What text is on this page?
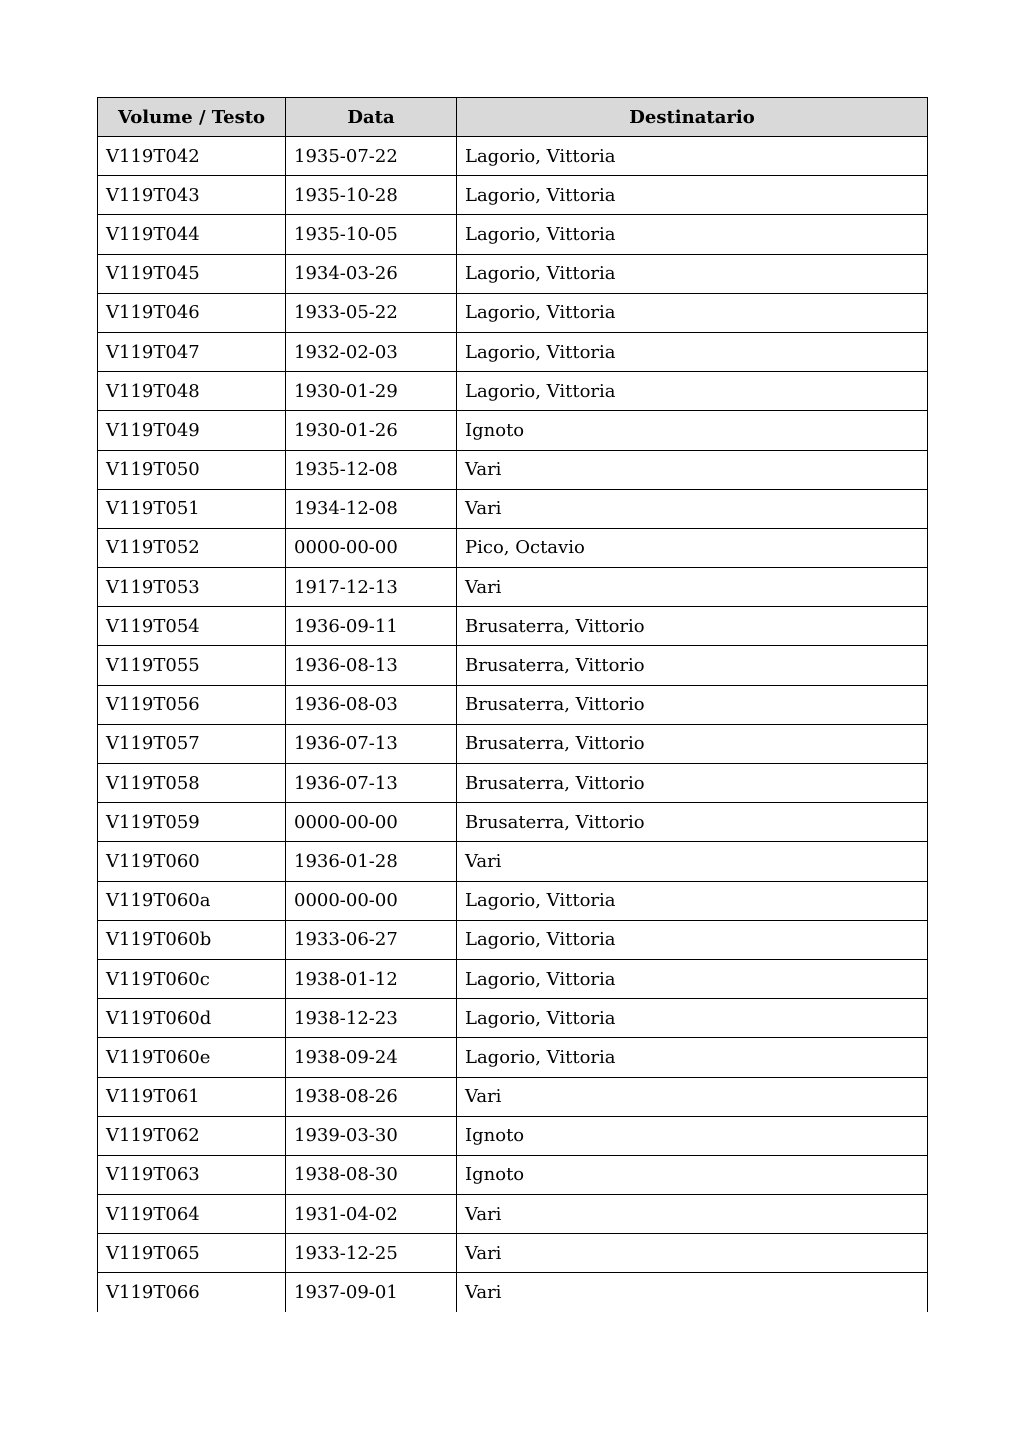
Volume / Testo	Data	Destinatario
V119T042	1935-07-22	Lagorio, Vittoria
V119T043	1935-10-28	Lagorio, Vittoria
V119T044	1935-10-05	Lagorio, Vittoria
V119T045	1934-03-26	Lagorio, Vittoria
V119T046	1933-05-22	Lagorio, Vittoria
V119T047	1932-02-03	Lagorio, Vittoria
V119T048	1930-01-29	Lagorio, Vittoria
V119T049	1930-01-26	Ignoto
V119T050	1935-12-08	Vari
V119T051	1934-12-08	Vari
V119T052	0000-00-00	Pico, Octavio
V119T053	1917-12-13	Vari
V119T054	1936-09-11	Brusaterra, Vittorio
V119T055	1936-08-13	Brusaterra, Vittorio
V119T056	1936-08-03	Brusaterra, Vittorio
V119T057	1936-07-13	Brusaterra, Vittorio
V119T058	1936-07-13	Brusaterra, Vittorio
V119T059	0000-00-00	Brusaterra, Vittorio
V119T060	1936-01-28	Vari
V119T060a	0000-00-00	Lagorio, Vittoria
V119T060b	1933-06-27	Lagorio, Vittoria
V119T060c	1938-01-12	Lagorio, Vittoria
V119T060d	1938-12-23	Lagorio, Vittoria
V119T060e	1938-09-24	Lagorio, Vittoria
V119T061	1938-08-26	Vari
V119T062	1939-03-30	Ignoto
V119T063	1938-08-30	Ignoto
V119T064	1931-04-02	Vari
V119T065	1933-12-25	Vari
V119T066	1937-09-01	Vari
